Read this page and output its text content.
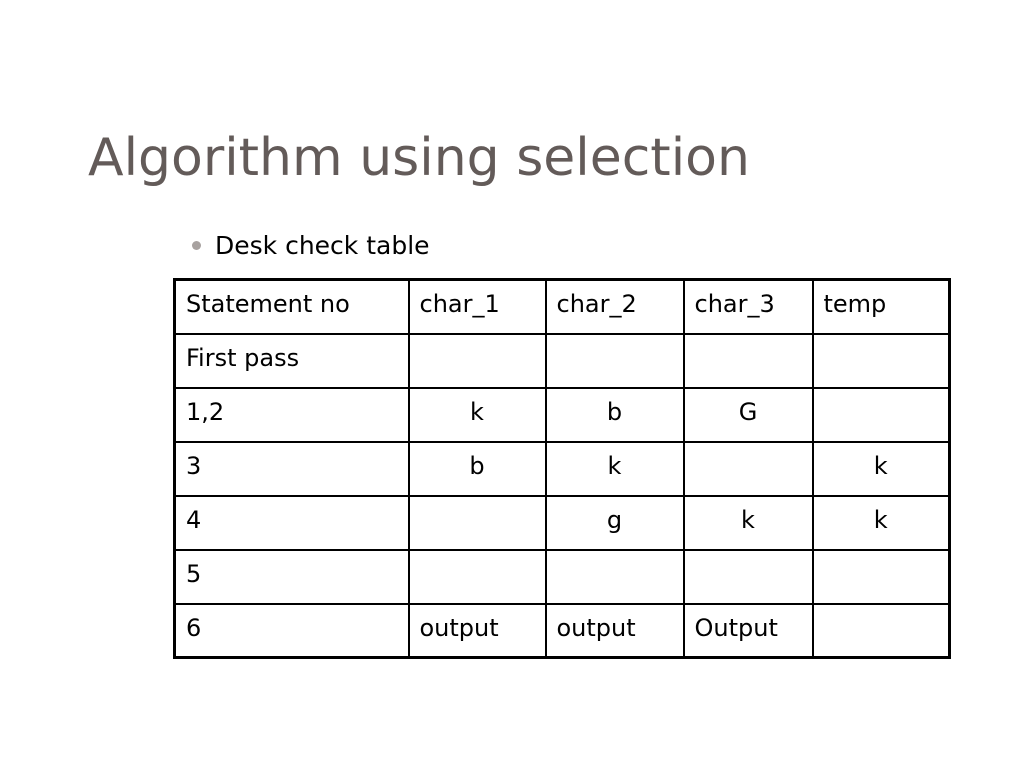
Algorithm using selection
Desk check table
Statement no	char_1	char_2	char_3	temp
First pass				
1,2	k	b	G	
3	b	k		k
4		g	k	k
5				
6	output	output	Output	
